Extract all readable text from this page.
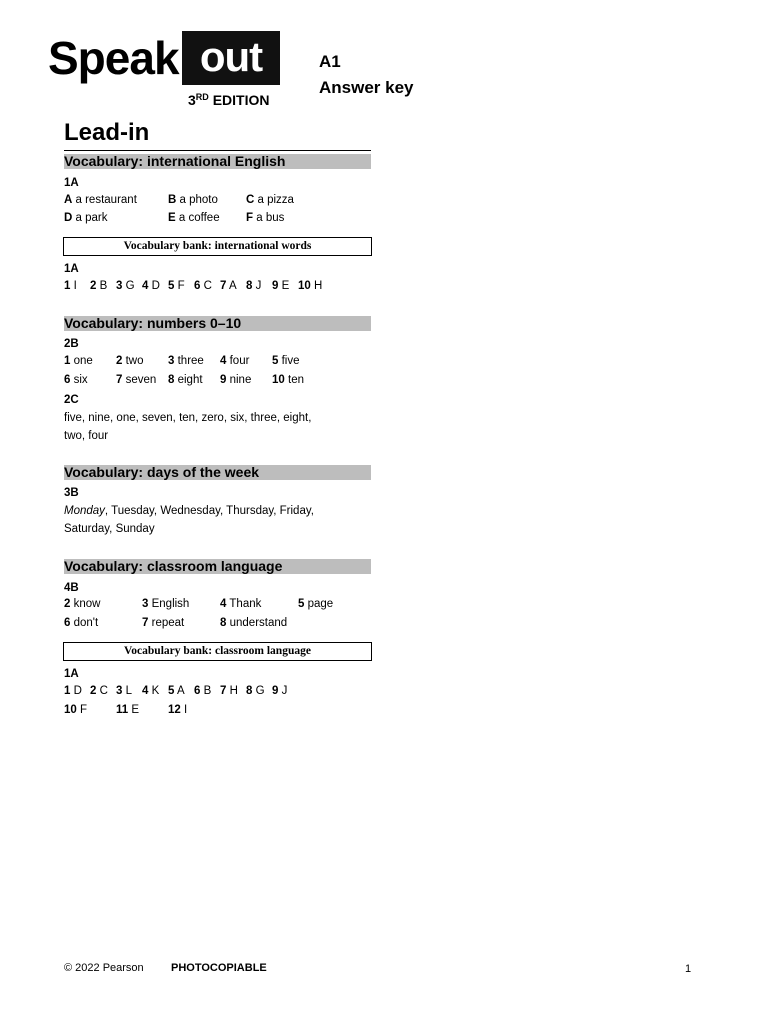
Speak out
3RD EDITION
A1
Answer key
Lead-in
Vocabulary: international English
1A
A a restaurant	B a photo C a pizza
D a park	E a coffee F a bus
Vocabulary bank: international words
1A
1 I 2 B 3 G 4 D 5 F 6 C 7 A 8 J 9 E 10 H
Vocabulary: numbers 0–10
2B
1 one 2 two 3 three 4 four 5 five
6 six 7 seven 8 eight 9 nine 10 ten
2C
five, nine, one, seven, ten, zero, six, three, eight,
two, four
Vocabulary: days of the week
3B
Monday, Tuesday, Wednesday, Thursday, Friday,
Saturday, Sunday
Vocabulary: classroom language
4B
2 know	3 English	4 Thank	5 page
6 don't	7 repeat	8 understand
Vocabulary bank: classroom language
1A
1 D 2 C 3 L 4 K 5 A 6 B 7 H 8 G 9 J
10 F	11 E	12 I
© 2022 Pearson PHOTOCOPIABLE	1
